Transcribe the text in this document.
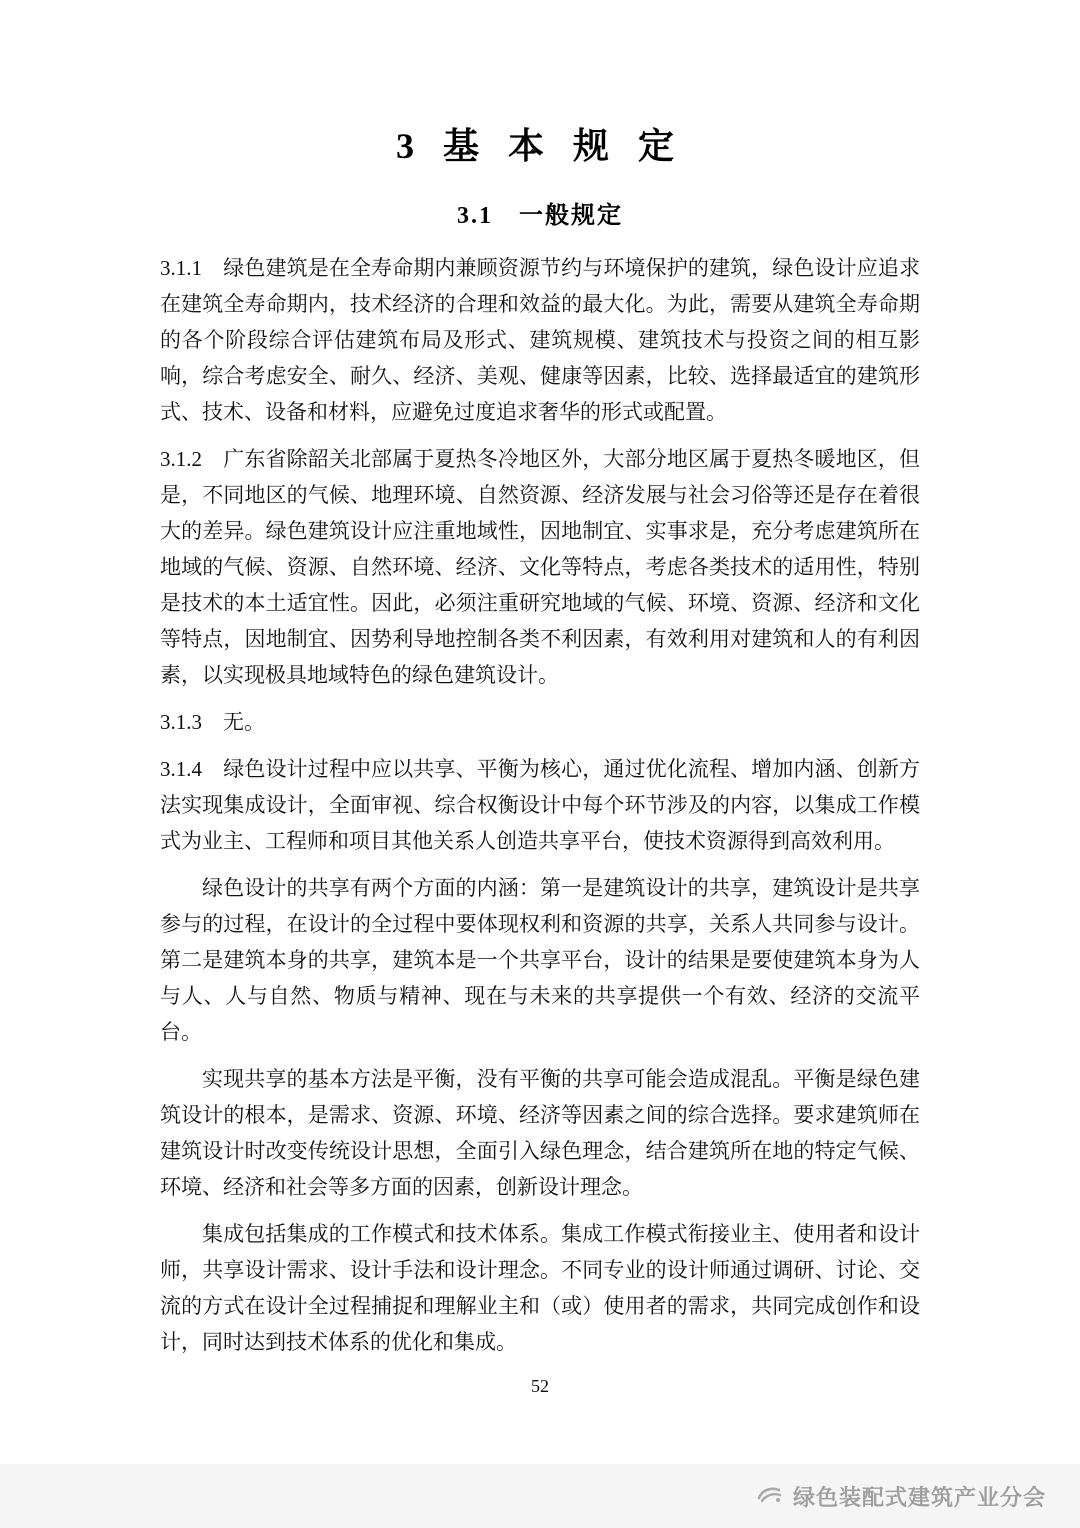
3 基 本 规 定
3.1　一般规定

3.1.1　绿色建筑是在全寿命期内兼顾资源节约与环境保护的建筑，绿色设计应追求在建筑全寿命期内，技术经济的合理和效益的最大化。为此，需要从建筑全寿命期的各个阶段综合评估建筑布局及形式、建筑规模、建筑技术与投资之间的相互影响，综合考虑安全、耐久、经济、美观、健康等因素，比较、选择最适宜的建筑形式、技术、设备和材料，应避免过度追求奢华的形式或配置。

3.1.2　广东省除韶关北部属于夏热冬冷地区外，大部分地区属于夏热冬暖地区，但是，不同地区的气候、地理环境、自然资源、经济发展与社会习俗等还是存在着很大的差异。绿色建筑设计应注重地域性，因地制宜、实事求是，充分考虑建筑所在地域的气候、资源、自然环境、经济、文化等特点，考虑各类技术的适用性，特别是技术的本土适宜性。因此，必须注重研究地域的气候、环境、资源、经济和文化等特点，因地制宜、因势利导地控制各类不利因素，有效利用对建筑和人的有利因素，以实现极具地域特色的绿色建筑设计。

3.1.3　无。

3.1.4　绿色设计过程中应以共享、平衡为核心，通过优化流程、增加内涵、创新方法实现集成设计，全面审视、综合权衡设计中每个环节涉及的内容，以集成工作模式为业主、工程师和项目其他关系人创造共享平台，使技术资源得到高效利用。

绿色设计的共享有两个方面的内涵：第一是建筑设计的共享，建筑设计是共享参与的过程，在设计的全过程中要体现权利和资源的共享，关系人共同参与设计。第二是建筑本身的共享，建筑本是一个共享平台，设计的结果是要使建筑本身为人与人、人与自然、物质与精神、现在与未来的共享提供一个有效、经济的交流平台。

实现共享的基本方法是平衡，没有平衡的共享可能会造成混乱。平衡是绿色建筑设计的根本，是需求、资源、环境、经济等因素之间的综合选择。要求建筑师在建筑设计时改变传统设计思想，全面引入绿色理念，结合建筑所在地的特定气候、环境、经济和社会等多方面的因素，创新设计理念。

集成包括集成的工作模式和技术体系。集成工作模式衔接业主、使用者和设计师，共享设计需求、设计手法和设计理念。不同专业的设计师通过调研、讨论、交流的方式在设计全过程捕捉和理解业主和（或）使用者的需求，共同完成创作和设计，同时达到技术体系的优化和集成。

52
绿色装配式建筑产业分会
